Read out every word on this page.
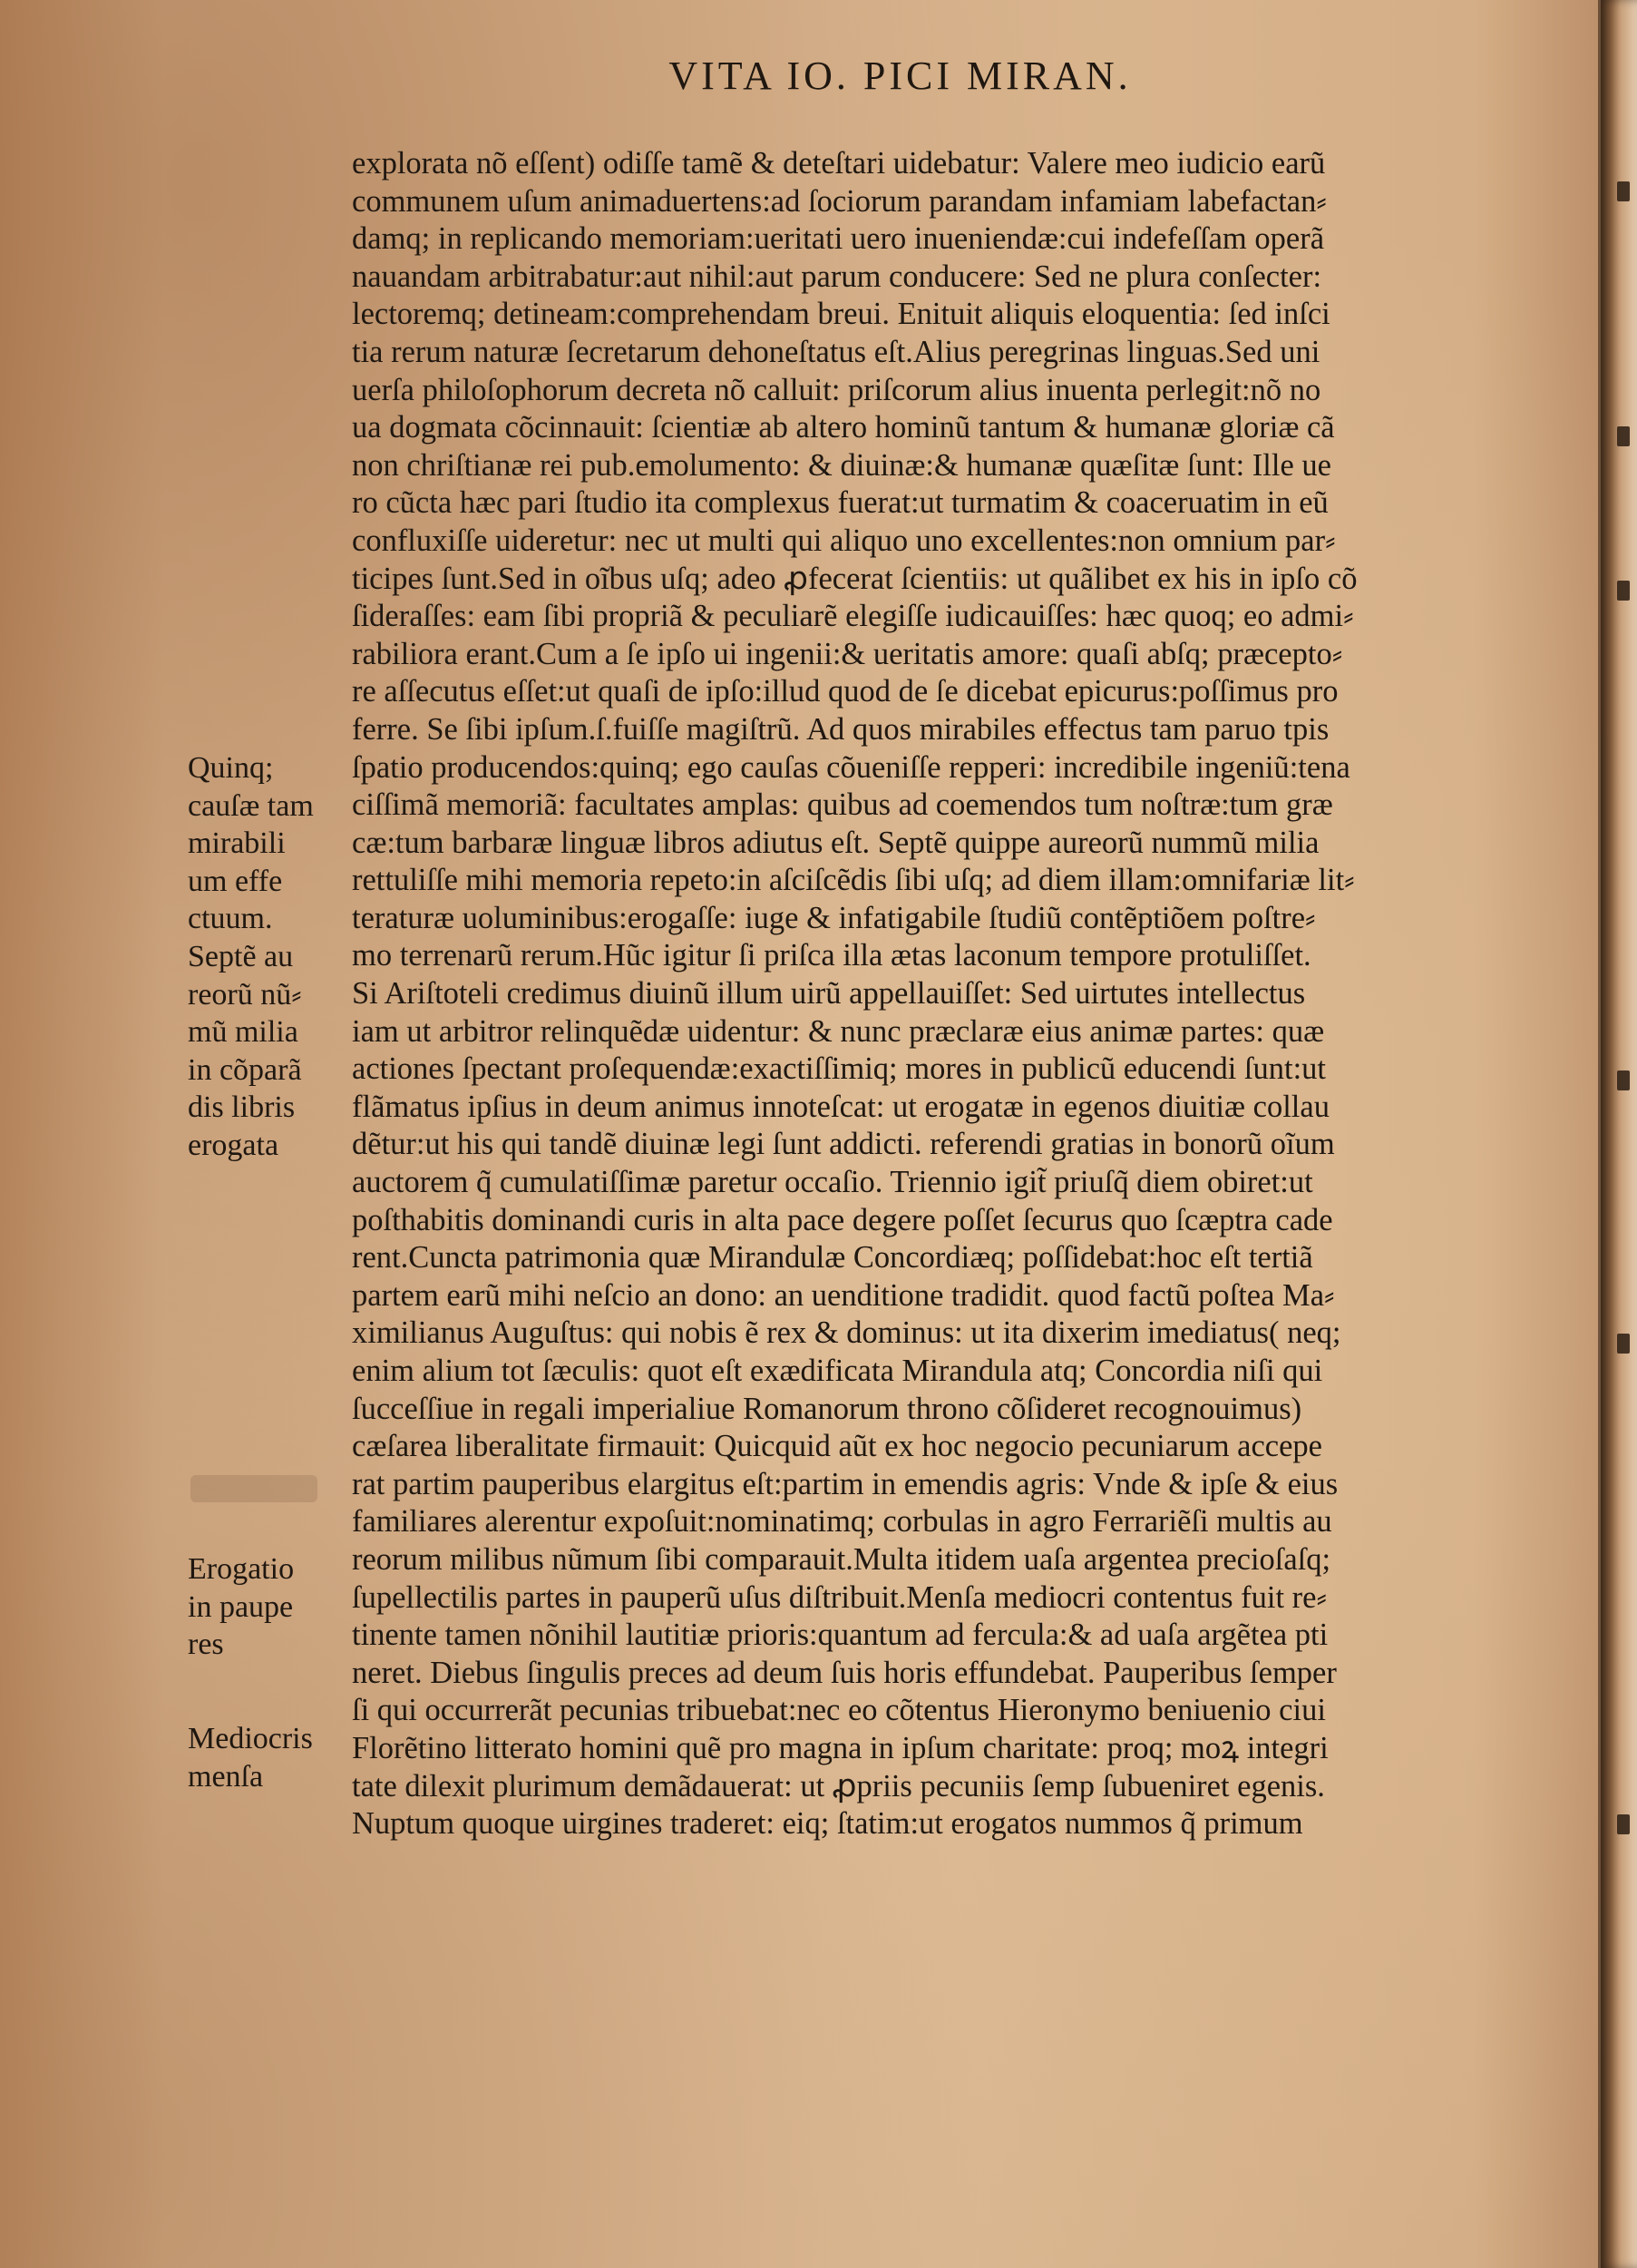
VITA IO. PICI MIRAN.
explorata nõ eſſent) odiſſe tamẽ & deteſtari uidebatur: Valere meo iudicio earũ
communem uſum animaduertens:ad ſociorum parandam infamiam labefactan⸗
damq; in replicando memoriam:ueritati uero inueniendæ:cui indefeſſam operã
nauandam arbitrabatur:aut nihil:aut parum conducere: Sed ne plura conſecter:
lectoremq; detineam:comprehendam breui. Enituit aliquis eloquentia: ſed inſci
tia rerum naturæ ſecretarum dehoneſtatus eſt.Alius peregrinas linguas.Sed uni
uerſa philoſophorum decreta nõ calluit: priſcorum alius inuenta perlegit:nõ no
ua dogmata cõcinnauit: ſcientiæ ab altero hominũ tantum & humanæ gloriæ cã
non chriſtianæ rei pub.emolumento: & diuinæ:& humanæ quæſitæ ſunt: Ille ue
ro cũcta hæc pari ſtudio ita complexus fuerat:ut turmatim & coaceruatim in eũ
confluxiſſe uideretur: nec ut multi qui aliquo uno excellentes:non omnium par⸗
ticipes ſunt.Sed in oĩbus uſq; adeo ꝓfecerat ſcientiis: ut quãlibet ex his in ipſo cõ
ſideraſſes: eam ſibi propriã & peculiarẽ elegiſſe iudicauiſſes: hæc quoq; eo admi⸗
rabiliora erant.Cum a ſe ipſo ui ingenii:& ueritatis amore: quaſi abſq; præcepto⸗
re aſſecutus eſſet:ut quaſi de ipſo:illud quod de ſe dicebat epicurus:poſſimus pro
ferre. Se ſibi ipſum.ſ.fuiſſe magiſtrũ. Ad quos mirabiles effectus tam paruo tpis
ſpatio producendos:quinq; ego cauſas cõueniſſe repperi: incredibile ingeniũ:tena
ciſſimã memoriã: facultates amplas: quibus ad coemendos tum noſtræ:tum græ
cæ:tum barbaræ linguæ libros adiutus eſt. Septẽ quippe aureorũ nummũ milia
rettuliſſe mihi memoria repeto:in aſciſcẽdis ſibi uſq; ad diem illam:omnifariæ lit⸗
teraturæ uoluminibus:erogaſſe: iuge & infatigabile ſtudiũ contẽptiõem poſtre⸗
mo terrenarũ rerum.Hũc igitur ſi priſca illa ætas laconum tempore protuliſſet.
Si Ariſtoteli credimus diuinũ illum uirũ appellauiſſet: Sed uirtutes intellectus
iam ut arbitror relinquẽdæ uidentur: & nunc præclaræ eius animæ partes: quæ
actiones ſpectant proſequendæ:exactiſſimiq; mores in publicũ educendi ſunt:ut
flãmatus ipſius in deum animus innoteſcat: ut erogatæ in egenos diuitiæ collau
dẽtur:ut his qui tandẽ diuinæ legi ſunt addicti. referendi gratias in bonorũ oĩum
auctorem q̃ cumulatiſſimæ paretur occaſio. Triennio igit̃ priuſq̃ diem obiret:ut
poſthabitis dominandi curis in alta pace degere poſſet ſecurus quo ſcæptra cade
rent.Cuncta patrimonia quæ Mirandulæ Concordiæq; poſſidebat:hoc eſt tertiã
partem earũ mihi neſcio an dono: an uenditione tradidit. quod factũ poſtea Ma⸗
ximilianus Auguſtus: qui nobis ẽ rex & dominus: ut ita dixerim imediatus( neq;
enim alium tot ſæculis: quot eſt exædificata Mirandula atq; Concordia niſi qui
ſucceſſiue in regali imperialiue Romanorum throno cõſideret recognouimus)
cæſarea liberalitate firmauit: Quicquid aũt ex hoc negocio pecuniarum accepe
rat partim pauperibus elargitus eſt:partim in emendis agris: Vnde & ipſe & eius
familiares alerentur expoſuit:nominatimq; corbulas in agro Ferrariẽſi multis au
reorum milibus nũmum ſibi comparauit.Multa itidem uaſa argentea precioſaſq;
ſupellectilis partes in pauperũ uſus diſtribuit.Menſa mediocri contentus fuit re⸗
tinente tamen nõnihil lautitiæ prioris:quantum ad fercula:& ad uaſa argẽtea pti
neret. Diebus ſingulis preces ad deum ſuis horis effundebat. Pauperibus ſemper
ſi qui occurrerãt pecunias tribuebat:nec eo cõtentus Hieronymo beniuenio ciui
Florẽtino litterato homini quẽ pro magna in ipſum charitate: proq; moꝝ integri
tate dilexit plurimum demãdauerat: ut ꝓpriis pecuniis ſemp ſubueniret egenis.
Nuptum quoque uirgines traderet: eiq; ſtatim:ut erogatos nummos q̃ primum
Quinq;
cauſæ tam
mirabili
um effe
ctuum.
Septẽ au
reorũ nũ⸗
mũ milia
in cõparã
dis libris
erogata
Erogatio
in paupe
res
Mediocris
menſa
